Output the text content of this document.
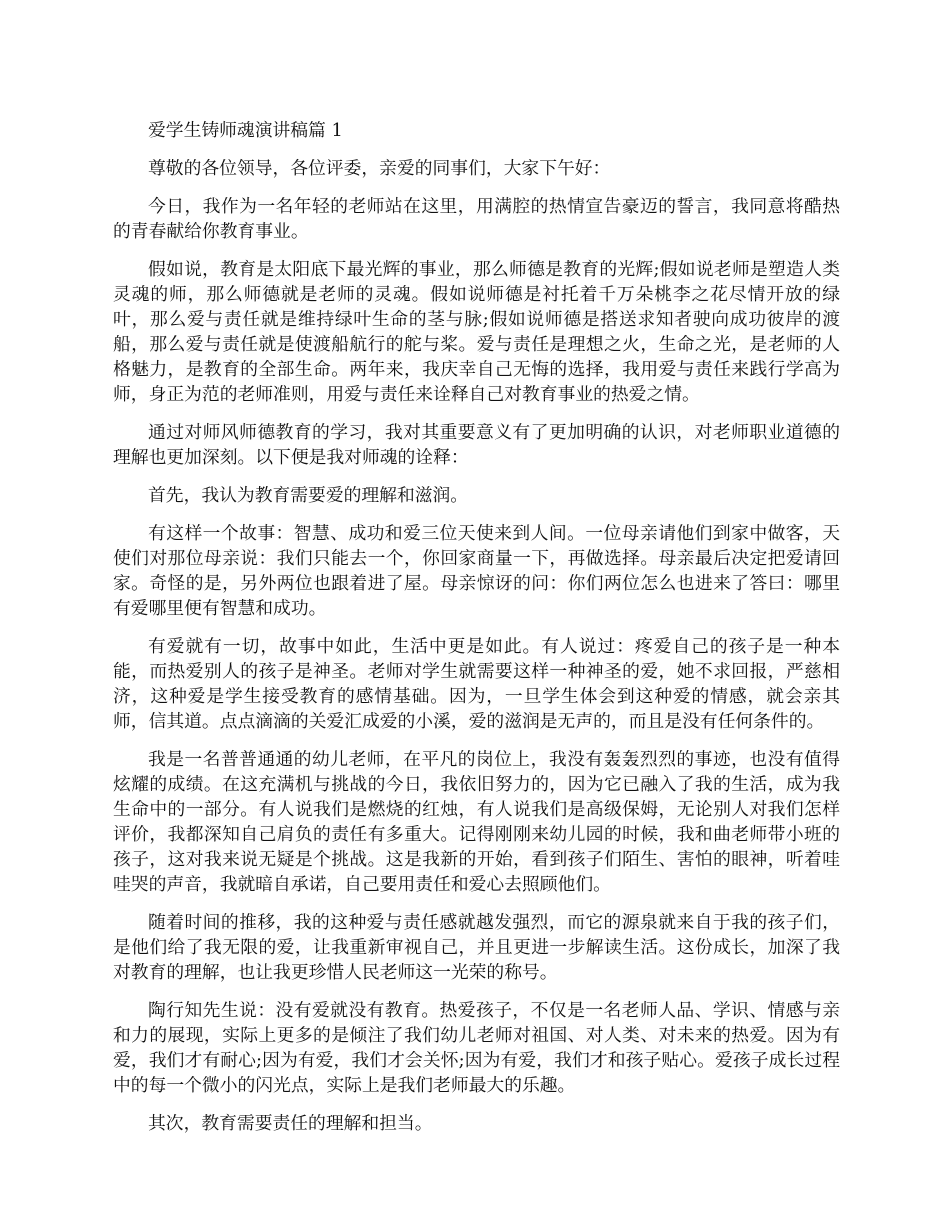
爱学生铸师魂演讲稿篇 1

尊敬的各位领导，各位评委，亲爱的同事们，大家下午好：

今日，我作为一名年轻的老师站在这里，用满腔的热情宣告豪迈的誓言，我同意将酷热的青春献给你教育事业。

假如说，教育是太阳底下最光辉的事业，那么师德是教育的光辉;假如说老师是塑造人类灵魂的师，那么师德就是老师的灵魂。假如说师德是衬托着千万朵桃李之花尽情开放的绿叶，那么爱与责任就是维持绿叶生命的茎与脉;假如说师德是搭送求知者驶向成功彼岸的渡船，那么爱与责任就是使渡船航行的舵与桨。爱与责任是理想之火，生命之光，是老师的人格魅力，是教育的全部生命。两年来，我庆幸自己无悔的选择，我用爱与责任来践行学高为师，身正为范的老师准则，用爱与责任来诠释自己对教育事业的热爱之情。

通过对师风师德教育的学习，我对其重要意义有了更加明确的认识，对老师职业道德的理解也更加深刻。以下便是我对师魂的诠释：

首先，我认为教育需要爱的理解和滋润。

有这样一个故事：智慧、成功和爱三位天使来到人间。一位母亲请他们到家中做客，天使们对那位母亲说：我们只能去一个，你回家商量一下，再做选择。母亲最后决定把爱请回家。奇怪的是，另外两位也跟着进了屋。母亲惊讶的问：你们两位怎么也进来了答曰：哪里有爱哪里便有智慧和成功。

有爱就有一切，故事中如此，生活中更是如此。有人说过：疼爱自己的孩子是一种本能，而热爱别人的孩子是神圣。老师对学生就需要这样一种神圣的爱，她不求回报，严慈相济，这种爱是学生接受教育的感情基础。因为，一旦学生体会到这种爱的情感，就会亲其师，信其道。点点滴滴的关爱汇成爱的小溪，爱的滋润是无声的，而且是没有任何条件的。

我是一名普普通通的幼儿老师，在平凡的岗位上，我没有轰轰烈烈的事迹，也没有值得炫耀的成绩。在这充满机与挑战的今日，我依旧努力的，因为它已融入了我的生活，成为我生命中的一部分。有人说我们是燃烧的红烛，有人说我们是高级保姆，无论别人对我们怎样评价，我都深知自己肩负的责任有多重大。记得刚刚来幼儿园的时候，我和曲老师带小班的孩子，这对我来说无疑是个挑战。这是我新的开始，看到孩子们陌生、害怕的眼神，听着哇哇哭的声音，我就暗自承诺，自己要用责任和爱心去照顾他们。

随着时间的推移，我的这种爱与责任感就越发强烈，而它的源泉就来自于我的孩子们，是他们给了我无限的爱，让我重新审视自己，并且更进一步解读生活。这份成长，加深了我对教育的理解，也让我更珍惜人民老师这一光荣的称号。

陶行知先生说：没有爱就没有教育。热爱孩子，不仅是一名老师人品、学识、情感与亲和力的展现，实际上更多的是倾注了我们幼儿老师对祖国、对人类、对未来的热爱。因为有爱，我们才有耐心;因为有爱，我们才会关怀;因为有爱，我们才和孩子贴心。爱孩子成长过程中的每一个微小的闪光点，实际上是我们老师最大的乐趣。

其次，教育需要责任的理解和担当。
